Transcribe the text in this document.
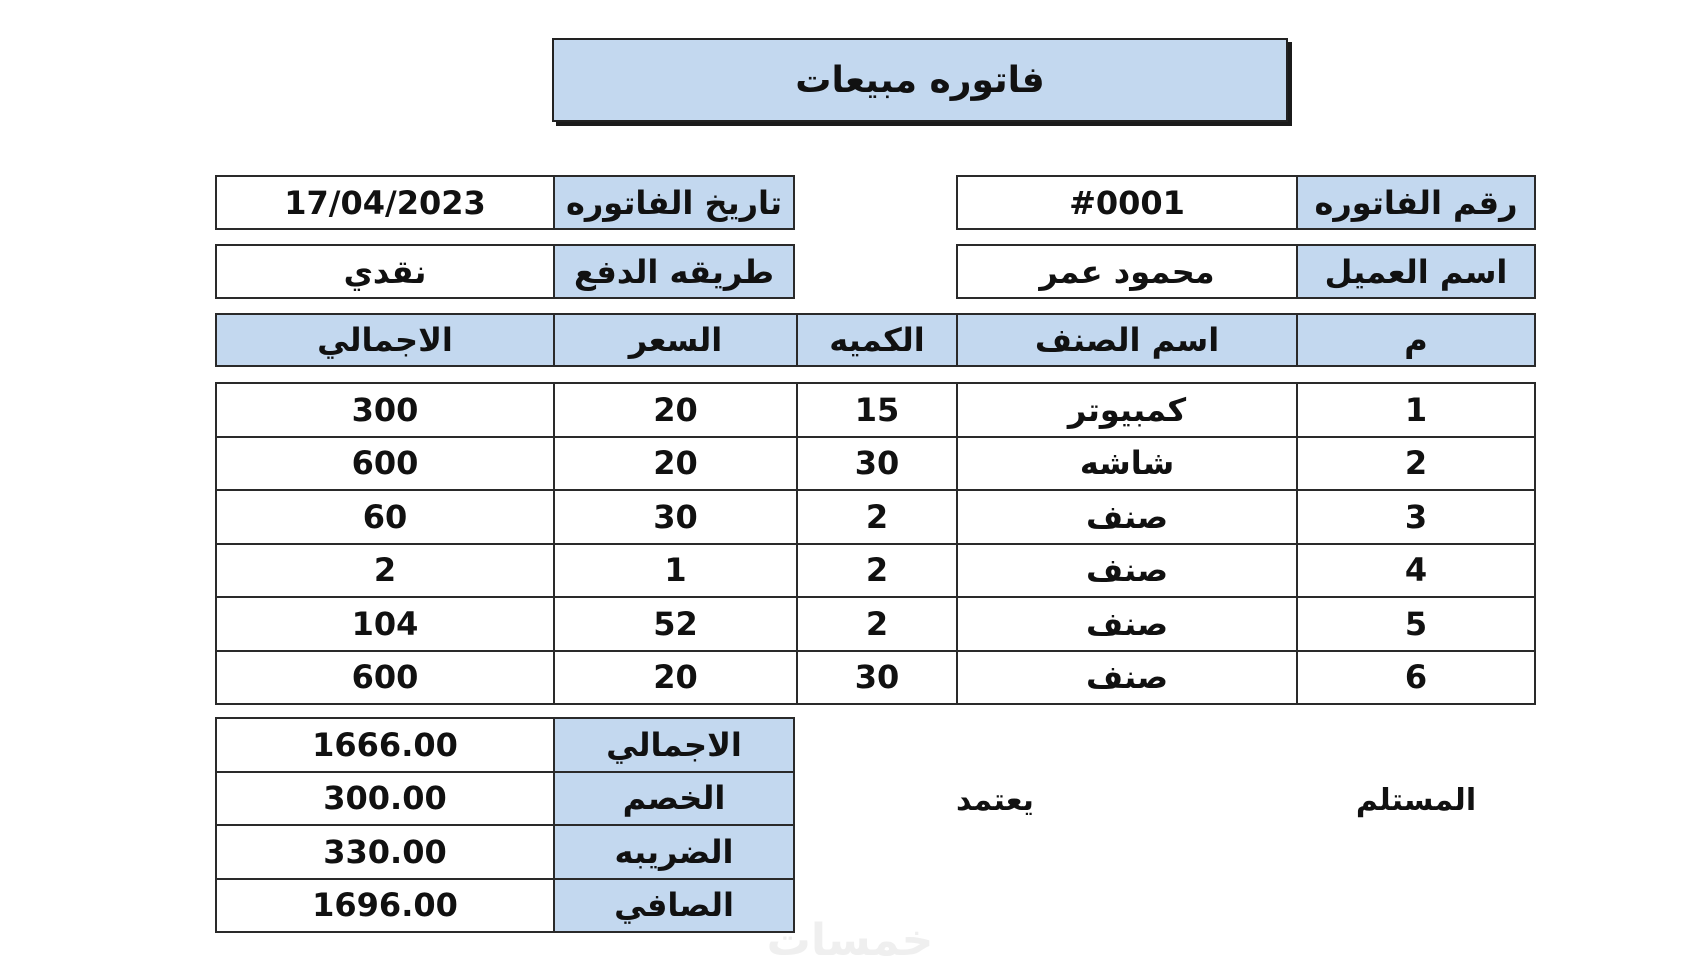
فاتوره مبيعات
رقم الفاتوره
#0001
تاريخ الفاتوره
17/04/2023
اسم العميل
محمود عمر
طريقه الدفع
نقدي
م
اسم الصنف
الكميه
السعر
الاجمالي
1
كمبيوتر
15
20
300
2
شاشه
30
20
600
3
صنف
2
30
60
4
صنف
2
1
2
5
صنف
2
52
104
6
صنف
30
20
600
الاجمالي
1666.00
الخصم
300.00
الضريبه
330.00
الصافي
1696.00
المستلم
يعتمد
خمسات
